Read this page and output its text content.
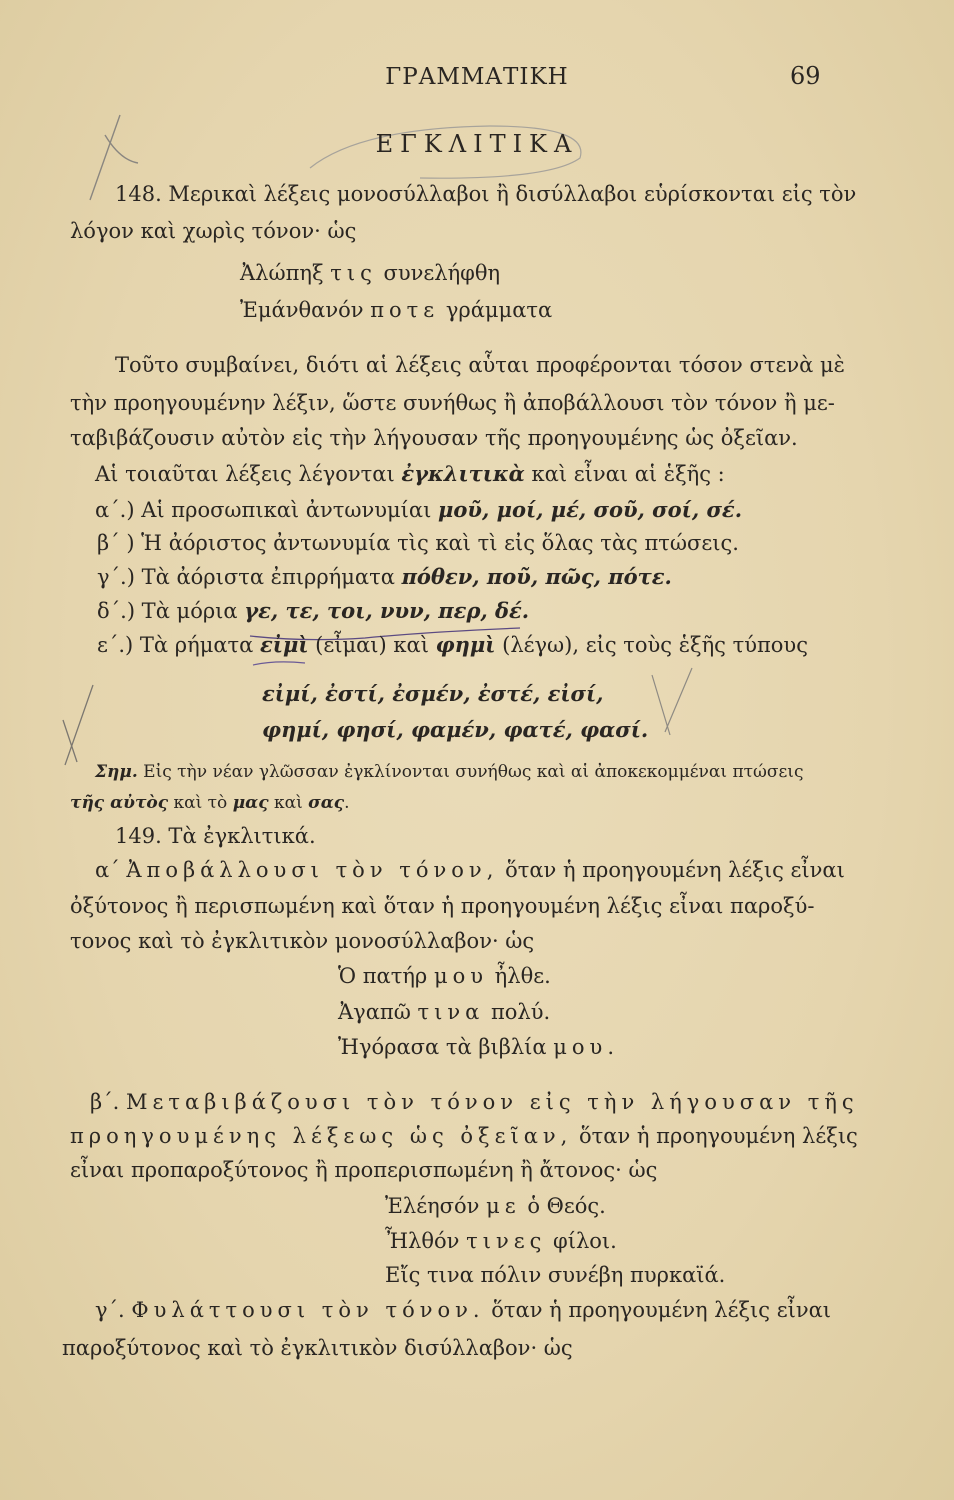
ΓΡΑΜΜΑΤΙΚΗ	69
ΕΓΚΛΙΤΙΚΑ
148. Μερικαὶ λέξεις μονοσύλλαβοι ἢ δισύλλαβοι εὑρίσκονται εἰς τὸν
λόγον καὶ χωρὶς τόνον· ὡς
Ἀλώπηξ τις συνελήφθη
Ἐμάνθανόν ποτε γράμματα
Τοῦτο συμβαίνει, διότι αἱ λέξεις αὗται προφέρονται τόσον στενὰ μὲ
τὴν προηγουμένην λέξιν, ὥστε συνήθως ἢ ἀποβάλλουσι τὸν τόνον ἢ με-
ταβιβάζουσιν αὐτὸν εἰς τὴν λήγουσαν τῆς προηγουμένης ὡς ὀξεῖαν.
Αἱ τοιαῦται λέξεις λέγονται ἐγκλιτικὰ καὶ εἶναι αἱ ἑξῆς :
α΄.) Αἱ προσωπικαὶ ἀντωνυμίαι μοῦ, μοί, μέ, σοῦ, σοί, σέ.
β΄ ) Ἡ ἀόριστος ἀντωνυμία τὶς καὶ τὶ εἰς ὅλας τὰς πτώσεις.
γ΄.) Τὰ ἀόριστα ἐπιρρήματα πόθεν, ποῦ, πῶς, πότε.
δ΄.) Τὰ μόρια γε, τε, τοι, νυν, περ, δέ.
ε΄.) Τὰ ρήματα εἰμὶ (εἶμαι) καὶ φημὶ (λέγω), εἰς τοὺς ἑξῆς τύπους
εἰμί, ἐστί, ἐσμέν, ἐστέ, εἰσί,
φημί, φησί, φαμέν, φατέ, φασί.
Σημ. Εἰς τὴν νέαν γλῶσσαν ἐγκλίνονται συνήθως καὶ αἱ ἀποκεκομμέναι πτώσεις
τῆς αὐτὸς καὶ τὸ μας καὶ σας.
149. Τὰ ἐγκλιτικά.
α΄ Ἀποβάλλουσι τὸν τόνον, ὅταν ἡ προηγουμένη λέξις εἶναι
ὀξύτονος ἢ περισπωμένη καὶ ὅταν ἡ προηγουμένη λέξις εἶναι παροξύ-
τονος καὶ τὸ ἐγκλιτικὸν μονοσύλλαβον· ὡς
Ὁ πατήρ μου ἦλθε.
Ἀγαπῶ τινα πολύ.
Ἠγόρασα τὰ βιβλία μου.
β΄. Μεταβιβάζουσι τὸν τόνον εἰς τὴν λήγουσαν τῆς
προηγουμένης λέξεως ὡς ὀξεῖαν, ὅταν ἡ προηγουμένη λέξις
εἶναι προπαροξύτονος ἢ προπερισπωμένη ἢ ἄτονος· ὡς
Ἐλέησόν με ὁ Θεός.
Ἦλθόν τινες φίλοι.
Εἴς τινα πόλιν συνέβη πυρκαϊά.
γ΄. Φυλάττουσι τὸν τόνον. ὅταν ἡ προηγουμένη λέξις εἶναι
παροξύτονος καὶ τὸ ἐγκλιτικὸν δισύλλαβον· ὡς
